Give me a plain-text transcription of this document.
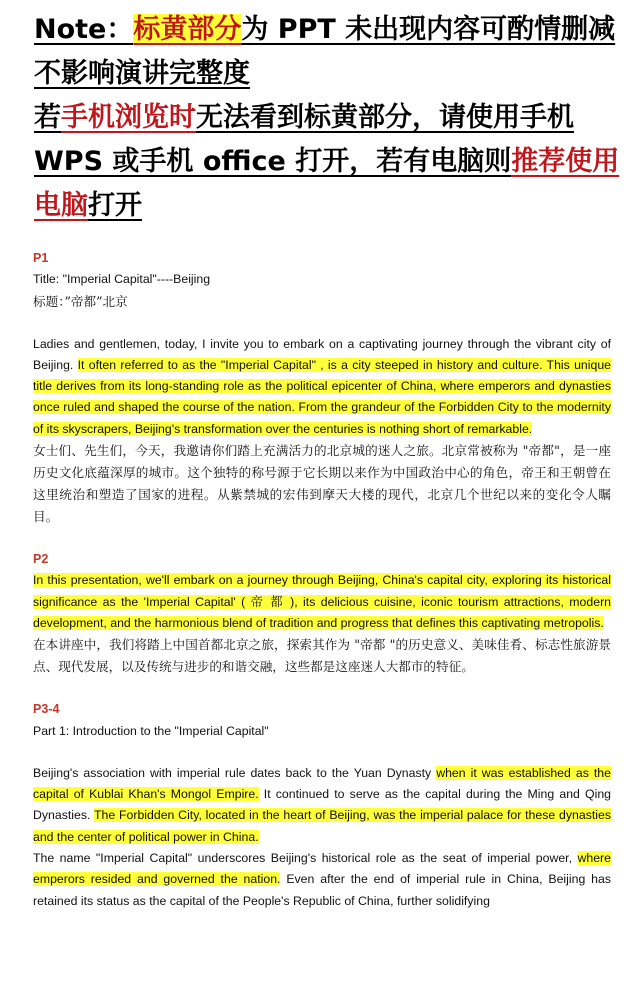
Note：标黄部分为 PPT 未出现内容可酌情删减不影响演讲完整度
若手机浏览时无法看到标黄部分，请使用手机 WPS 或手机 office 打开，若有电脑则推荐使用电脑打开

P1

Title: "Imperial Capital"----Beijing

标题：”帝都”北京

Ladies and gentlemen, today, I invite you to embark on a captivating journey through the vibrant city of Beijing. It often referred to as the "Imperial Capital" , is a city steeped in history and culture. This unique title derives from its long-standing role as the political epicenter of China, where emperors and dynasties once ruled and shaped the course of the nation. From the grandeur of the Forbidden City to the modernity of its skyscrapers, Beijing's transformation over the centuries is nothing short of remarkable.

女士们、先生们，今天，我邀请你们踏上充满活力的北京城的迷人之旅。北京常被称为 "帝都"，是一座历史文化底蕴深厚的城市。这个独特的称号源于它长期以来作为中国政治中心的角色，帝王和王朝曾在这里统治和塑造了国家的进程。从紫禁城的宏伟到摩天大楼的现代，北京几个世纪以来的变化令人瞩目。

P2

In this presentation, we'll embark on a journey through Beijing, China's capital city, exploring its historical significance as the 'Imperial Capital' ( 帝 都 ), its delicious cuisine, iconic tourism attractions, modern development, and the harmonious blend of tradition and progress that defines this captivating metropolis.

在本讲座中，我们将踏上中国首都北京之旅，探索其作为 "帝都 "的历史意义、美味佳肴、标志性旅游景点、现代发展，以及传统与进步的和谐交融，这些都是这座迷人大都市的特征。

P3-4

Part 1: Introduction to the "Imperial Capital"

Beijing's association with imperial rule dates back to the Yuan Dynasty when it was established as the capital of Kublai Khan's Mongol Empire. It continued to serve as the capital during the Ming and Qing Dynasties. The Forbidden City, located in the heart of Beijing, was the imperial palace for these dynasties and the center of political power in China.

The name "Imperial Capital" underscores Beijing's historical role as the seat of imperial power, where emperors resided and governed the nation. Even after the end of imperial rule in China, Beijing has retained its status as the capital of the People's Republic of China, further solidifying
